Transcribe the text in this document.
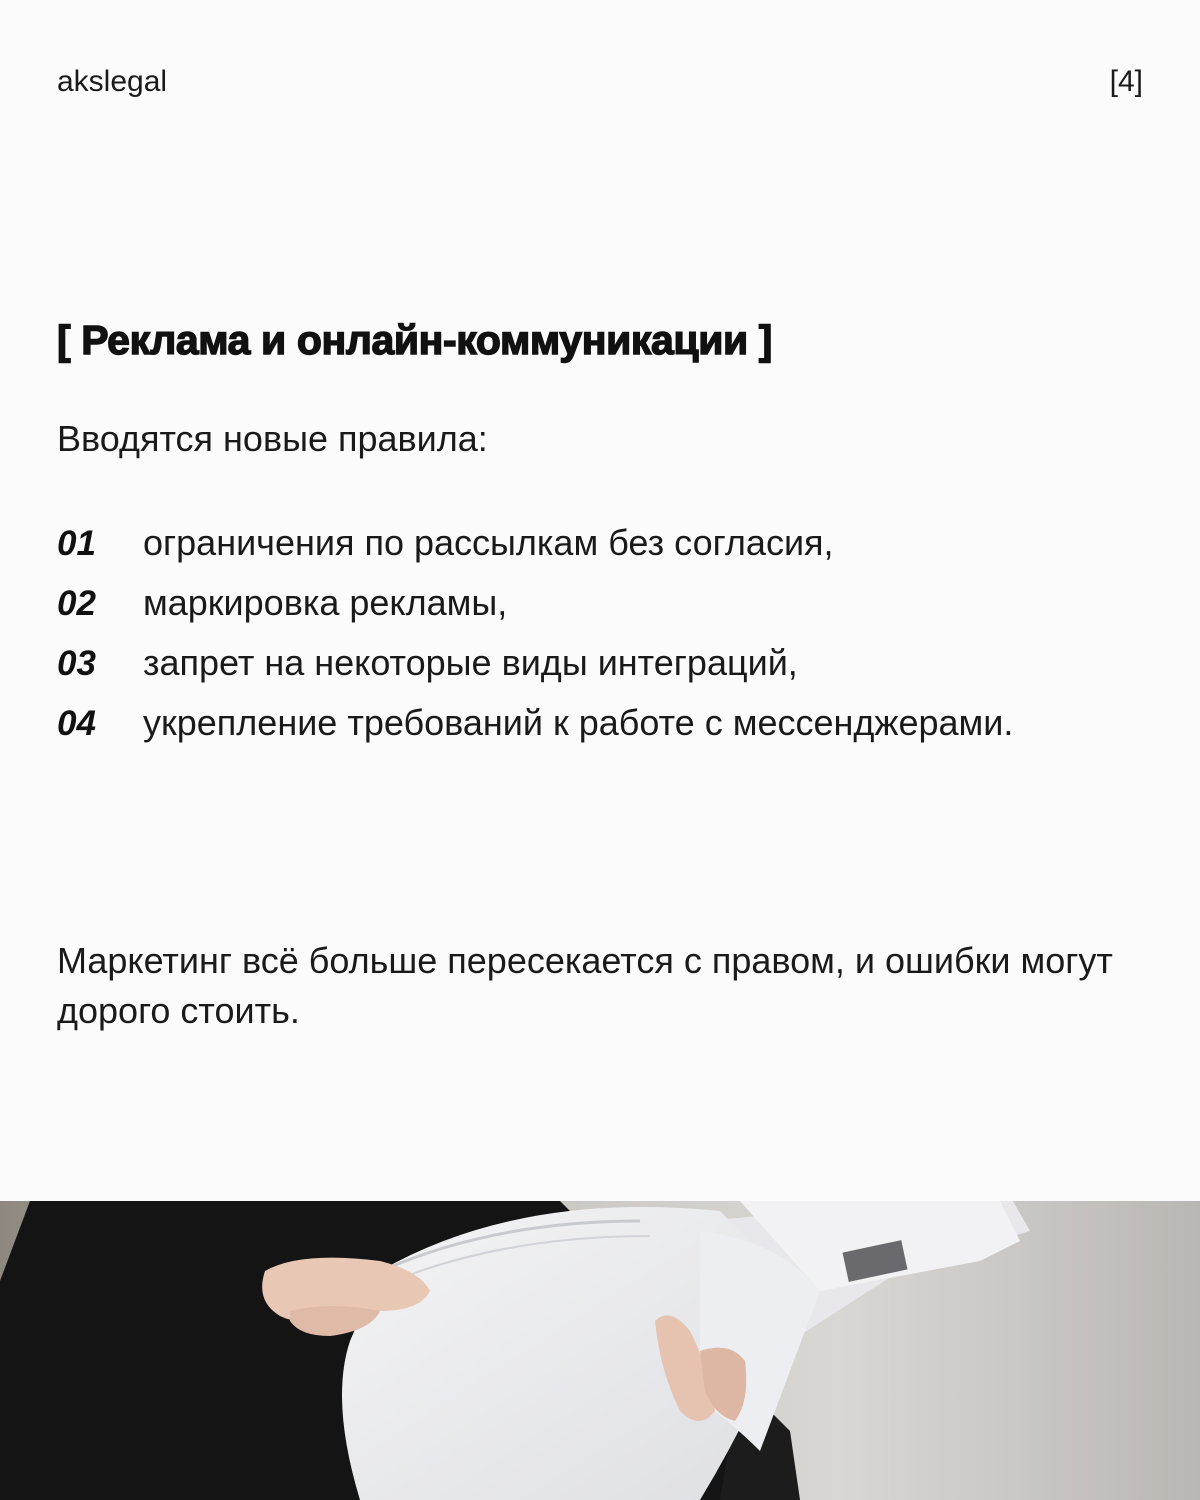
akslegal	[4]
[ Реклама и онлайн-коммуникации ]
Вводятся новые правила:
01	ограничения по рассылкам без согласия,
02	маркировка рекламы,
03	запрет на некоторые виды интеграций,
04	укрепление требований к работе с мессенджерами.
Маркетинг всё больше пересекается с правом, и ошибки могут дорого стоить.
